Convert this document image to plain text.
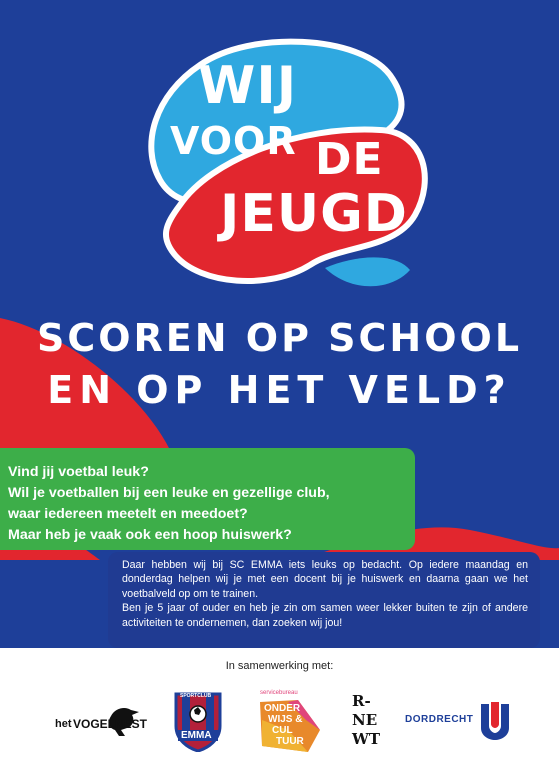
WIJ
VOOR DE
JEUGD
SCOREN OP SCHOOL
EN OP HET VELD?

Vind jij voetbal leuk?

Wil je voetballen bij een leuke en gezellige club,

waar iedereen meetelt en meedoet?

Maar heb je vaak ook een hoop huiswerk?

Daar hebben wij bij SC EMMA iets leuks op bedacht. Op iedere maandag en donderdag helpen wij je met een docent bij je huiswerk en daarna gaan we het voetbalveld op om te trainen.

Ben je 5 jaar of ouder en heb je zin om samen weer lekker buiten te zijn of andere activiteiten te ondernemen, dan zoeken wij jou!

In samenwerking met:
het VOGELNEST
SPORTCLUB
EMMA
servicebureau
ONDER
WIJS &
CUL
TUUR
R-
NE
WT
DORDRECHT
